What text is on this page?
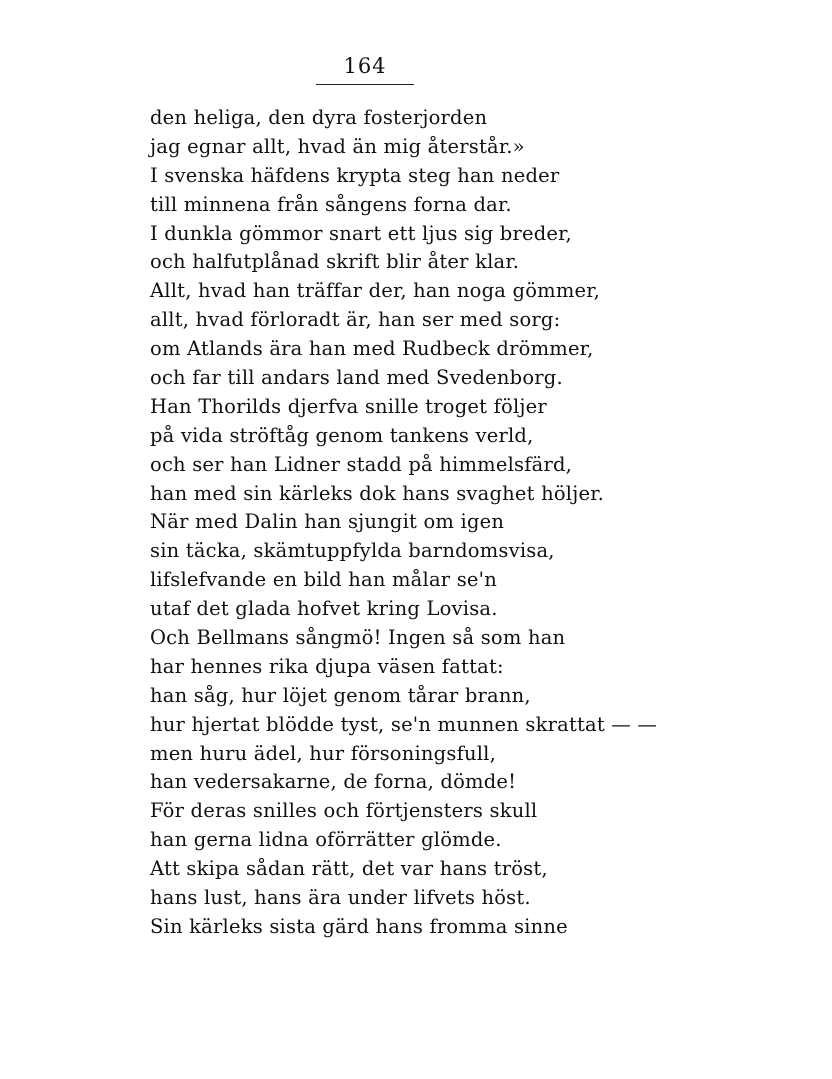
164
den heliga, den dyra fosterjorden
jag egnar allt, hvad än mig återstår.»
I svenska häfdens krypta steg han neder
till minnena från sångens forna dar.
I dunkla gömmor snart ett ljus sig breder,
och halfutplånad skrift blir åter klar.
Allt, hvad han träffar der, han noga gömmer,
allt, hvad förloradt är, han ser med sorg:
om Atlands ära han med Rudbeck drömmer,
och far till andars land med Svedenborg.
Han Thorilds djerfva snille troget följer
på vida ströftåg genom tankens verld,
och ser han Lidner stadd på himmelsfärd,
han med sin kärleks dok hans svaghet höljer.
När med Dalin han sjungit om igen
sin täcka, skämtuppfylda barndomsvisa,
lifslefvande en bild han målar se'n
utaf det glada hofvet kring Lovisa.
Och Bellmans sångmö! Ingen så som han
har hennes rika djupa väsen fattat:
han såg, hur löjet genom tårar brann,
hur hjertat blödde tyst, se'n munnen skrattat — —
men huru ädel, hur försoningsfull,
han vedersakarne, de forna, dömde!
För deras snilles och förtjensters skull
han gerna lidna oförrätter glömde.
Att skipa sådan rätt, det var hans tröst,
hans lust, hans ära under lifvets höst.
Sin kärleks sista gärd hans fromma sinne
